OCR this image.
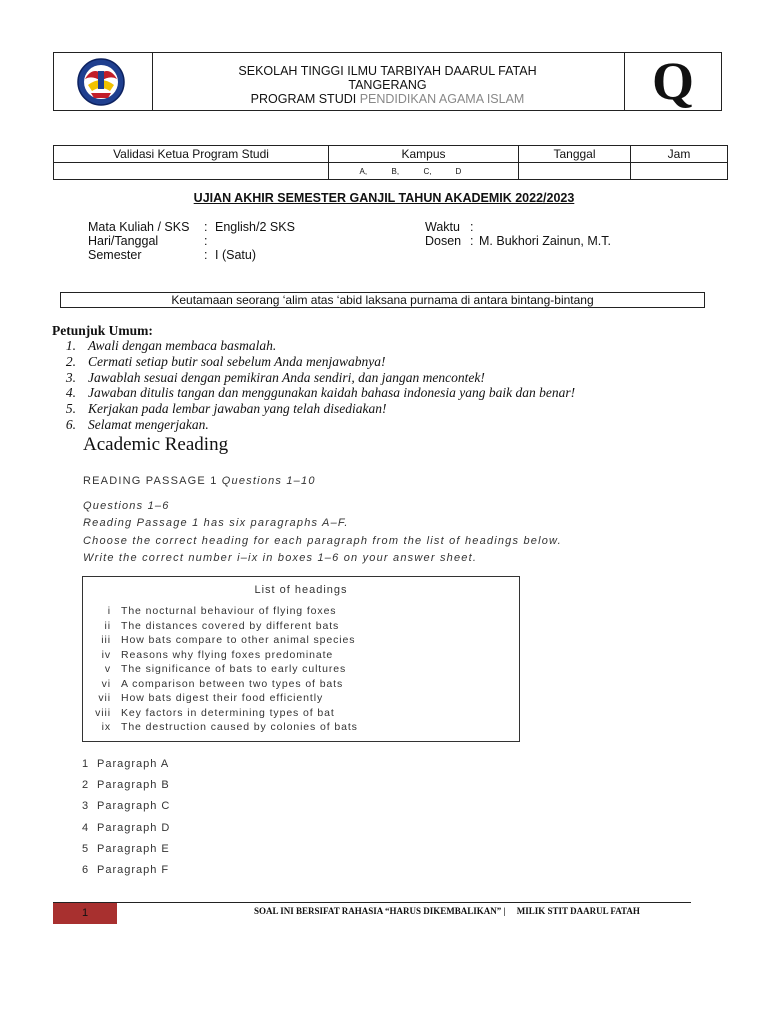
SEKOLAH TINGGI ILMU TARBIYAH DAARUL FATAH
TANGERANG
PROGRAM STUDI PENDIDIKAN AGAMA ISLAM	Q
Validasi Ketua Program Studi	Kampus	Tanggal	Jam
	A, B, C, D		
UJIAN AKHIR SEMESTER GANJIL TAHUN AKADEMIK 2022/2023
Mata Kuliah / SKS : English/2 SKS
Hari/Tanggal	:
Semester	: I (Satu)
Waktu :
Dosen : M. Bukhori Zainun, M.T.
Keutamaan seorang ‘alim atas ‘abid laksana purnama di antara bintang-bintang
Petunjuk Umum:
1. Awali dengan membaca basmalah.
2. Cermati setiap butir soal sebelum Anda menjawabnya!
3. Jawablah sesuai dengan pemikiran Anda sendiri, dan jangan mencontek!
4. Jawaban ditulis tangan dan menggunakan kaidah bahasa indonesia yang baik dan benar!
5. Kerjakan pada lembar jawaban yang telah disediakan!
6. Selamat mengerjakan.
Academic Reading
READING PASSAGE 1 Questions 1–10
Questions 1–6
Reading Passage 1 has six paragraphs A–F.
Choose the correct heading for each paragraph from the list of headings below.
Write the correct number i–ix in boxes 1–6 on your answer sheet.
List of headings
i The nocturnal behaviour of flying foxes
ii The distances covered by different bats
iii How bats compare to other animal species
iv Reasons why flying foxes predominate
v The significance of bats to early cultures
vi A comparison between two types of bats
vii How bats digest their food efficiently
viii Key factors in determining types of bat
ix The destruction caused by colonies of bats
1 Paragraph A
2 Paragraph B
3 Paragraph C
4 Paragraph D
5 Paragraph E
6 Paragraph F
1	SOAL INI BERSIFAT RAHASIA “HARUS DIKEMBALIKAN” |     MILIK STIT DAARUL FATAH
